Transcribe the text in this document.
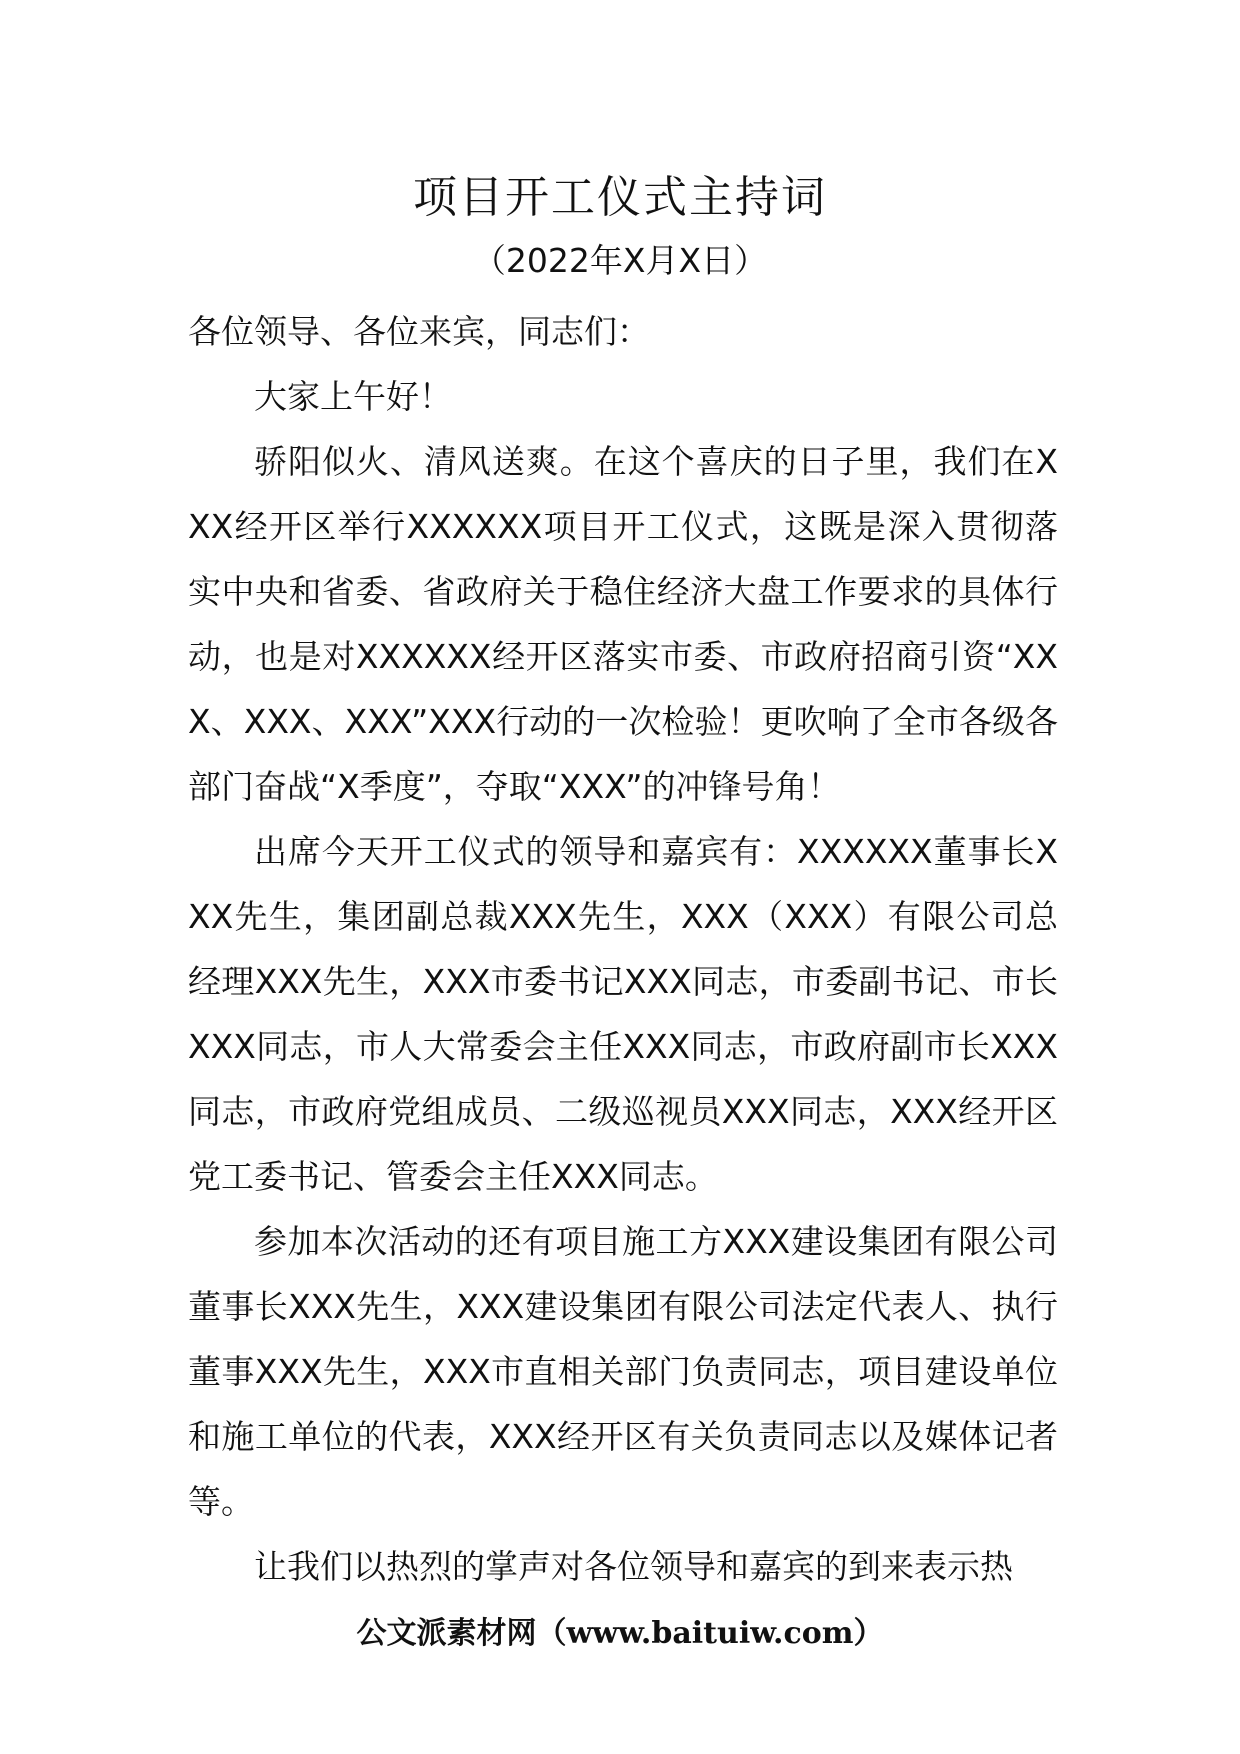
项目开工仪式主持词
（2022年X月X日）

各位领导、各位来宾，同志们：

大家上午好！

骄阳似火、清风送爽。在这个喜庆的日子里，我们在XXX经开区举行XXXXXX项目开工仪式，这既是深入贯彻落实中央和省委、省政府关于稳住经济大盘工作要求的具体行动，也是对XXXXXX经开区落实市委、市政府招商引资“XXX、XXX、XXX”XXX行动的一次检验！更吹响了全市各级各部门奋战“X季度”，夺取“XXX”的冲锋号角！

出席今天开工仪式的领导和嘉宾有：XXXXXX董事长XXX先生，集团副总裁XXX先生，XXX（XXX）有限公司总经理XXX先生，XXX市委书记XXX同志，市委副书记、市长XXX同志，市人大常委会主任XXX同志，市政府副市长XXX同志，市政府党组成员、二级巡视员XXX同志，XXX经开区党工委书记、管委会主任XXX同志。

参加本次活动的还有项目施工方XXX建设集团有限公司董事长XXX先生，XXX建设集团有限公司法定代表人、执行董事XXX先生，XXX市直相关部门负责同志，项目建设单位和施工单位的代表，XXX经开区有关负责同志以及媒体记者等。

让我们以热烈的掌声对各位领导和嘉宾的到来表示热

公文派素材网（www.baituiw.com）
